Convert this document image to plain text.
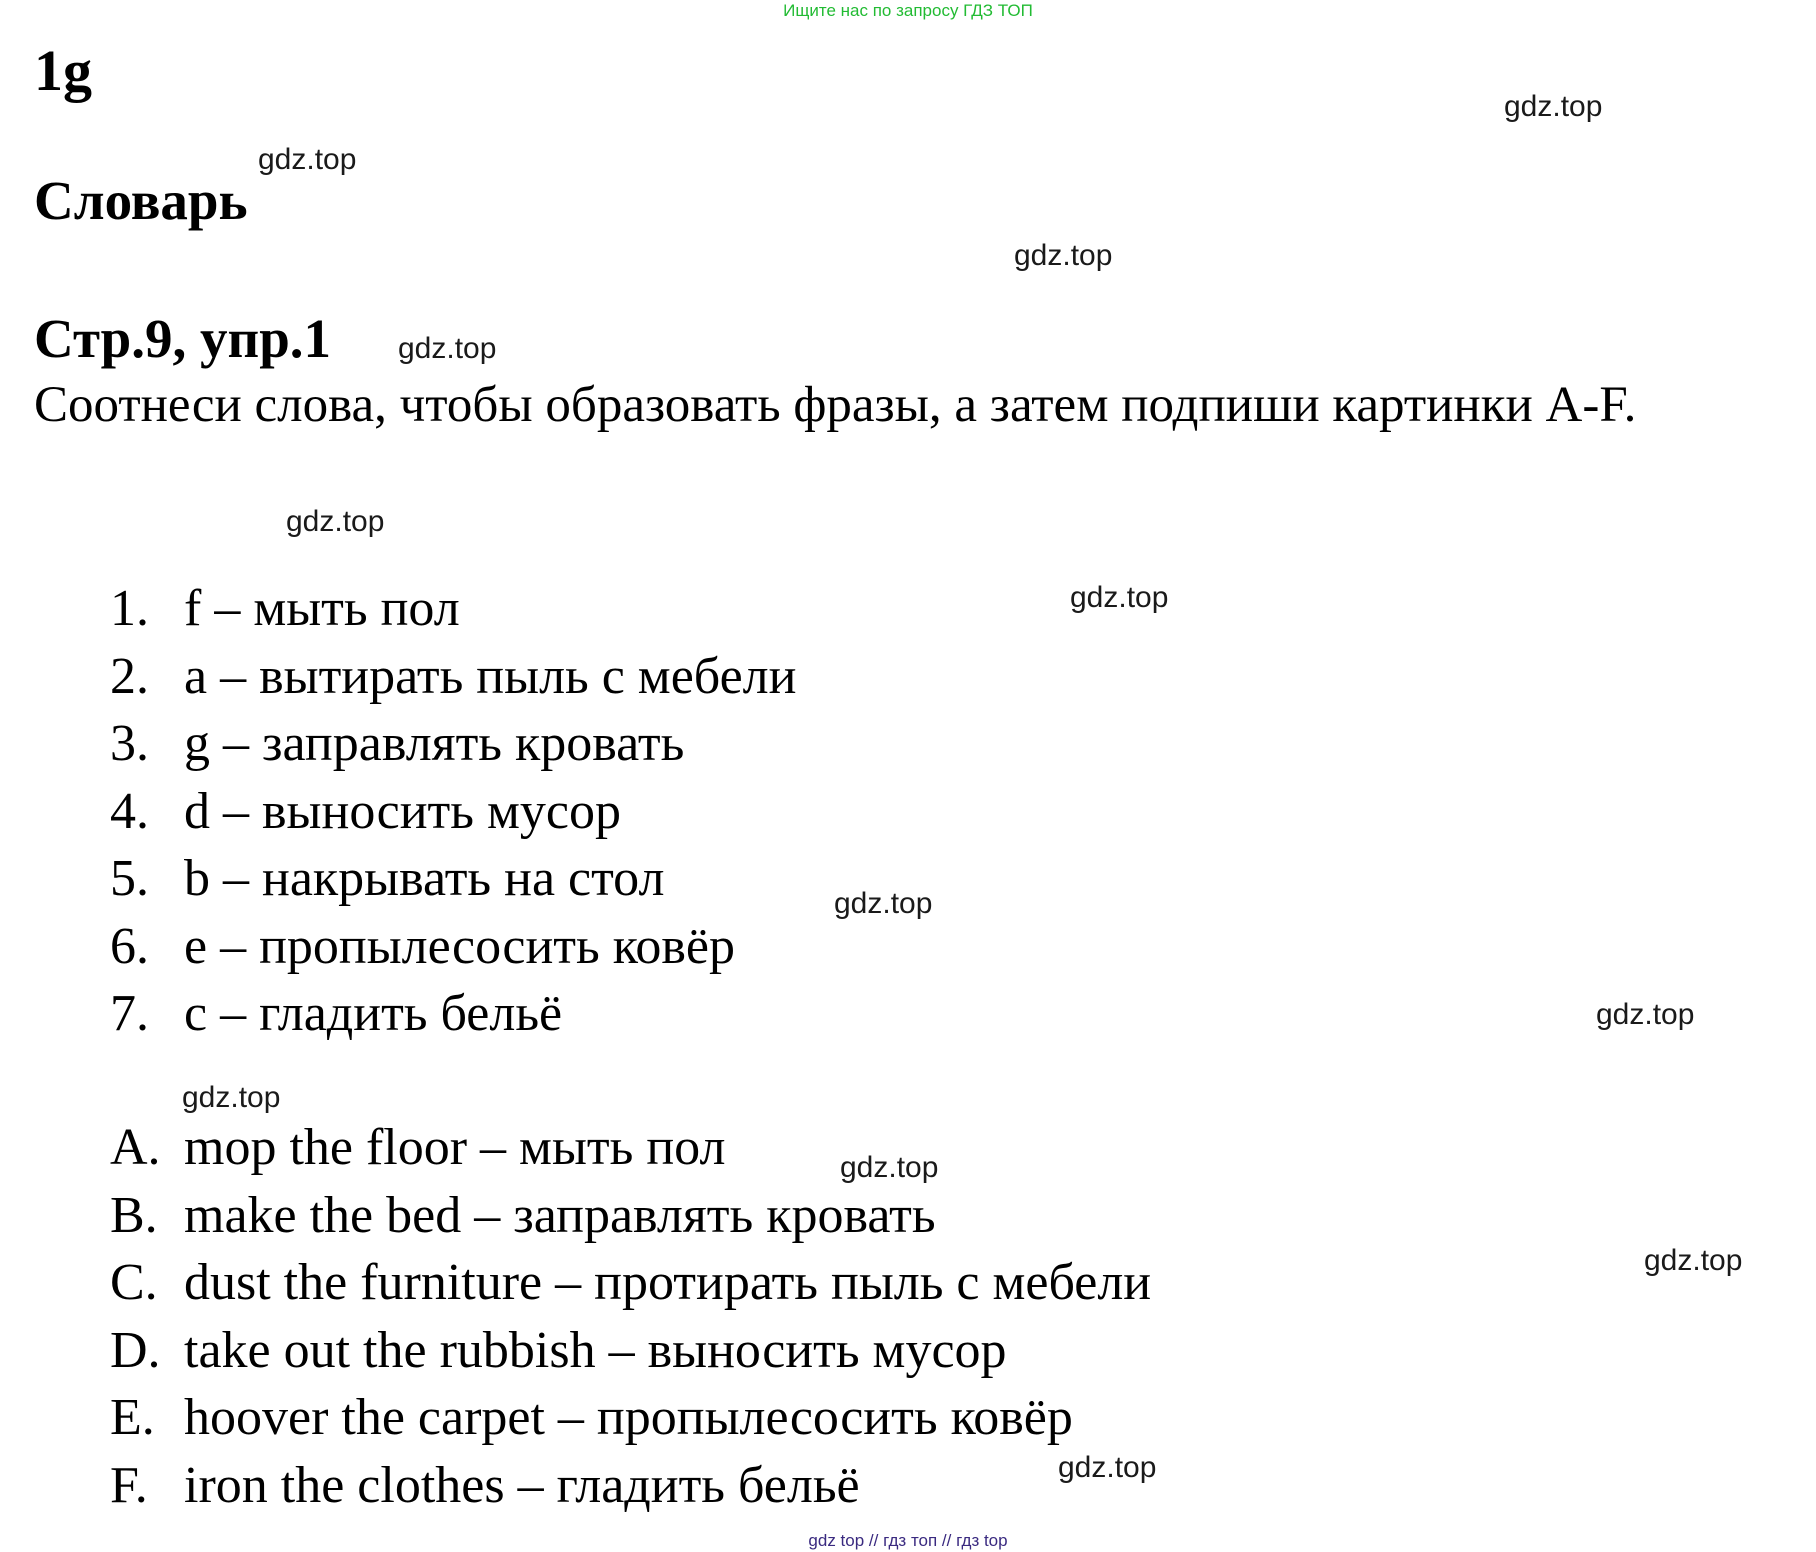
Ищите нас по запросу ГДЗ ТОП
1g
Словарь
Стр.9, упр.1
Соотнеси слова, чтобы образовать фразы, а затем подпиши картинки A-F.
1. f – мыть пол
2. a – вытирать пыль с мебели
3. g – заправлять кровать
4. d – выносить мусор
5. b – накрывать на стол
6. e – пропылесосить ковёр
7. c – гладить бельё
A. mop the floor – мыть пол
B. make the bed – заправлять кровать
C. dust the furniture – протирать пыль с мебели
D. take out the rubbish – выносить мусор
E. hoover the carpet – пропылесосить ковёр
F. iron the clothes – гладить бельё
gdz.top
gdz.top
gdz.top
gdz.top
gdz.top
gdz.top
gdz.top
gdz.top
gdz.top
gdz.top
gdz.top
gdz.top
gdz top // гдз топ // гдз top
